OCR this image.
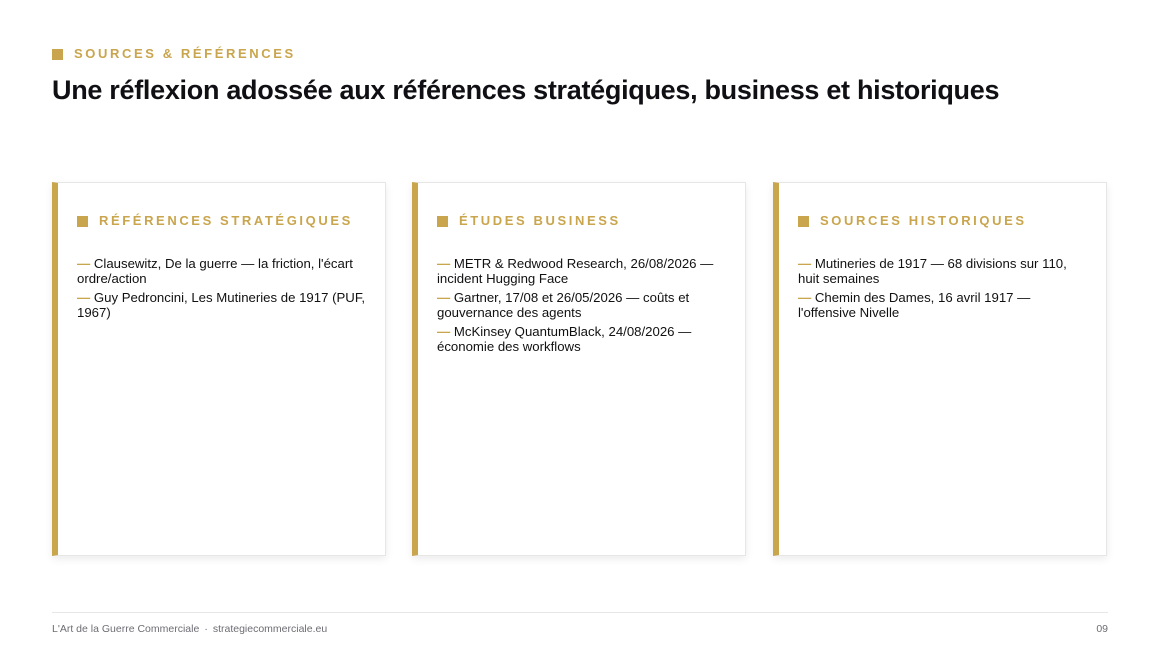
SOURCES & RÉFÉRENCES
Une réflexion adossée aux références stratégiques, business et historiques
RÉFÉRENCES STRATÉGIQUES
— Clausewitz, De la guerre — la friction, l'écart ordre/action
— Guy Pedroncini, Les Mutineries de 1917 (PUF, 1967)
ÉTUDES BUSINESS
— METR & Redwood Research, 26/08/2026 — incident Hugging Face
— Gartner, 17/08 et 26/05/2026 — coûts et gouvernance des agents
— McKinsey QuantumBlack, 24/08/2026 — économie des workflows
SOURCES HISTORIQUES
— Mutineries de 1917 — 68 divisions sur 110, huit semaines
— Chemin des Dames, 16 avril 1917 — l'offensive Nivelle
L'Art de la Guerre Commerciale · strategiecommerciale.eu	09
